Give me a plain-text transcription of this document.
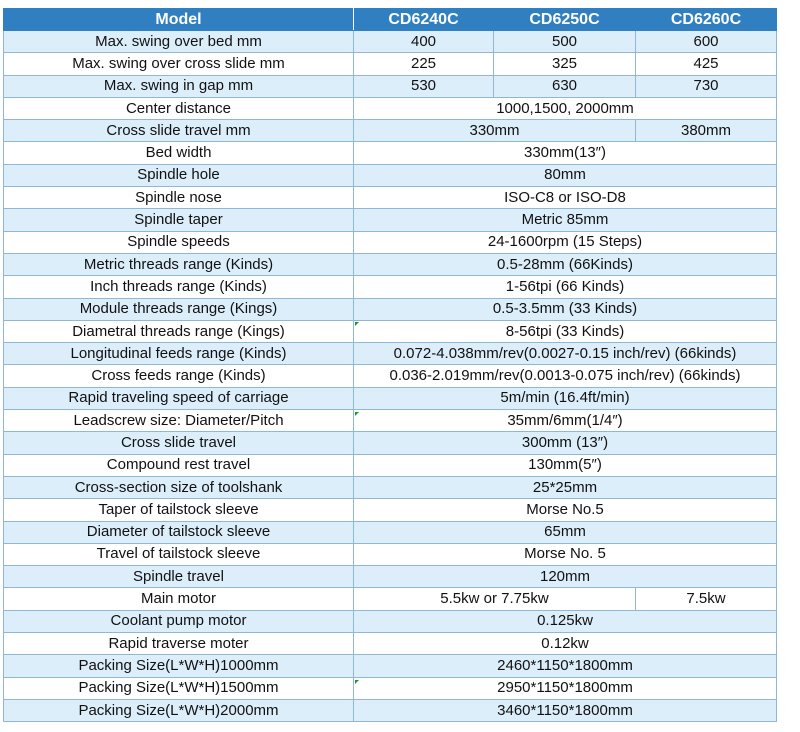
Model	CD6240C	CD6250C	CD6260C
Max. swing over bed mm	400	500	600
Max. swing over cross slide mm	225	325	425
Max. swing in gap mm	530	630	730
Center distance	1000,1500, 2000mm		
Cross slide travel mm	330mm		380mm
Bed width	330mm(13″)		
Spindle hole	80mm		
Spindle nose	ISO-C8 or ISO-D8		
Spindle taper	Metric 85mm		
Spindle speeds	24-1600rpm (15 Steps)		
Metric threads range (Kinds)	0.5-28mm (66Kinds)		
Inch threads range (Kinds)	1-56tpi (66 Kinds)		
Module threads range (Kings)	0.5-3.5mm (33 Kinds)		
Diametral threads range (Kings)	8-56tpi (33 Kinds)		
Longitudinal feeds range (Kinds)	0.072-4.038mm/rev(0.0027-0.15 inch/rev) (66kinds)		
Cross feeds range (Kinds)	0.036-2.019mm/rev(0.0013-0.075 inch/rev) (66kinds)		
Rapid traveling speed of carriage	5m/min (16.4ft/min)		
Leadscrew size: Diameter/Pitch	35mm/6mm(1/4″)		
Cross slide travel	300mm (13″)		
Compound rest travel	130mm(5″)		
Cross-section size of toolshank	25*25mm		
Taper of tailstock sleeve	Morse No.5		
Diameter of tailstock sleeve	65mm		
Travel of tailstock sleeve	Morse No. 5		
Spindle travel	120mm		
Main motor	5.5kw or 7.75kw		7.5kw
Coolant pump motor	0.125kw		
Rapid traverse moter	0.12kw		
Packing Size(L*W*H)1000mm	2460*1150*1800mm		
Packing Size(L*W*H)1500mm	2950*1150*1800mm		
Packing Size(L*W*H)2000mm	3460*1150*1800mm		
